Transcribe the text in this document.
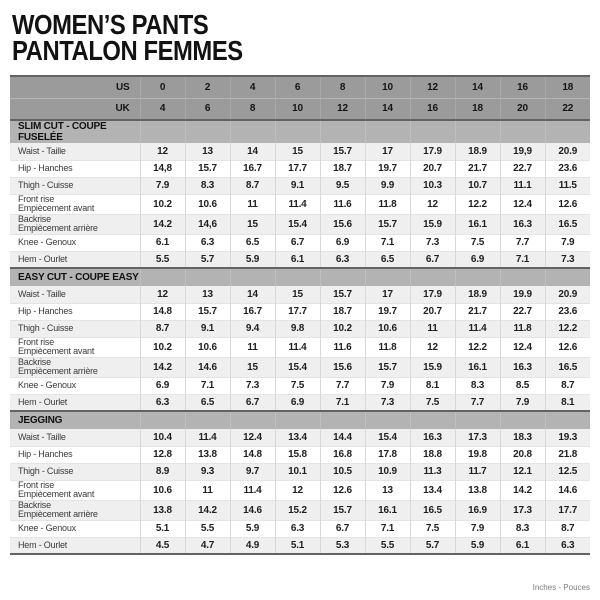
WOMEN’S PANTS
PANTALON FEMMES
US	0	2	4	6	8	10	12	14	16	18
UK	4	6	8	10	12	14	16	18	20	22
SLIM CUT - COUPE FUSELÉE										

Waist - Taille	12	13	14	15	15.7	17	17.9	18.9	19,9	20.9

Hip - Hanches	14,8	15.7	16.7	17.7	18.7	19.7	20.7	21.7	22.7	23.6

Thigh - Cuisse	7.9	8.3	8.7	9.1	9.5	9.9	10.3	10.7	11.1	11.5

Front rise
Empiècement avant	10.2	10.6	11	11.4	11.6	11.8	12	12.2	12.4	12.6

Backrise
Empiècement arrière	14.2	14,6	15	15.4	15.6	15.7	15.9	16.1	16.3	16.5

Knee - Genoux	6.1	6.3	6.5	6.7	6.9	7.1	7.3	7.5	7.7	7.9

Hem - Ourlet	5.5	5.7	5.9	6.1	6.3	6.5	6.7	6.9	7.1	7.3
EASY CUT - COUPE EASY										

Waist - Taille	12	13	14	15	15.7	17	17.9	18.9	19.9	20.9

Hip - Hanches	14.8	15.7	16.7	17.7	18.7	19.7	20.7	21.7	22.7	23.6

Thigh - Cuisse	8.7	9.1	9.4	9.8	10.2	10.6	11	11.4	11.8	12.2

Front rise
Empiècement avant	10.2	10.6	11	11.4	11.6	11.8	12	12.2	12.4	12.6

Backrise
Empiècement arrière	14.2	14.6	15	15.4	15.6	15.7	15.9	16.1	16.3	16.5

Knee - Genoux	6.9	7.1	7.3	7.5	7.7	7.9	8.1	8.3	8.5	8.7

Hem - Ourlet	6.3	6.5	6.7	6.9	7.1	7.3	7.5	7.7	7.9	8.1
JEGGING										

Waist - Taille	10.4	11.4	12.4	13.4	14.4	15.4	16.3	17.3	18.3	19.3

Hip - Hanches	12.8	13.8	14.8	15.8	16.8	17.8	18.8	19.8	20.8	21.8

Thigh - Cuisse	8.9	9.3	9.7	10.1	10.5	10.9	11.3	11.7	12.1	12.5

Front rise
Empiècement avant	10.6	11	11.4	12	12.6	13	13.4	13.8	14.2	14.6

Backrise
Empiècement arrière	13.8	14.2	14.6	15.2	15.7	16.1	16.5	16.9	17.3	17.7

Knee - Genoux	5.1	5.5	5.9	6.3	6.7	7.1	7.5	7.9	8.3	8.7

Hem - Ourlet	4.5	4.7	4.9	5.1	5.3	5.5	5.7	5.9	6.1	6.3
Inches - Pouces
